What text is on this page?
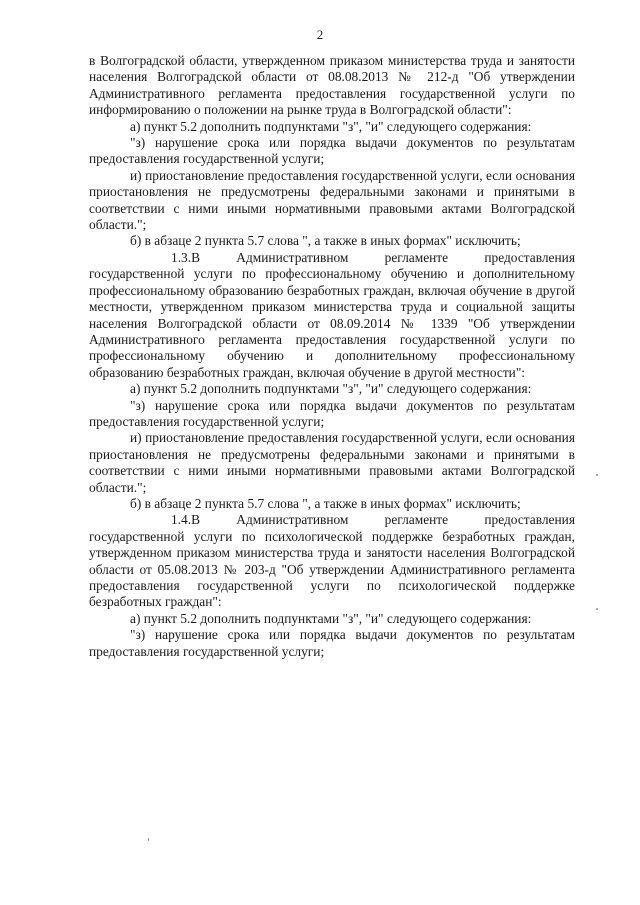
2

в Волгоградской области, утвержденном приказом министерства труда и занятости населения Волгоградской области от 08.08.2013 № 212-д "Об утверждении Административного регламента предоставления государственной услуги по информированию о положении на рынке труда в Волгоградской области":

а) пункт 5.2 дополнить подпунктами "з", "и" следующего содержания:

"з) нарушение срока или порядка выдачи документов по результатам предоставления государственной услуги;

и) приостановление предоставления государственной услуги, если основания приостановления не предусмотрены федеральными законами и принятыми в соответствии с ними иными нормативными правовыми актами Волгоградской области.";

б) в абзаце 2 пункта 5.7 слова ", а также в иных формах" исключить;

1.3.В Административном регламенте предоставления государственной услуги по профессиональному обучению и дополнительному профессиональному образованию безработных граждан, включая обучение в другой местности, утвержденном приказом министерства труда и социальной защиты населения Волгоградской области от 08.09.2014 № 1339 "Об утверждении Административного регламента предоставления государственной услуги по профессиональному обучению и дополнительному профессиональному образованию безработных граждан, включая обучение в другой местности":

а) пункт 5.2 дополнить подпунктами "з", "и" следующего содержания:

"з) нарушение срока или порядка выдачи документов по результатам предоставления государственной услуги;

и) приостановление предоставления государственной услуги, если основания приостановления не предусмотрены федеральными законами и принятыми в соответствии с ними иными нормативными правовыми актами Волгоградской области.";

б) в абзаце 2 пункта 5.7 слова ", а также в иных формах" исключить;

1.4.В Административном регламенте предоставления государственной услуги по психологической поддержке безработных граждан, утвержденном приказом министерства труда и занятости населения Волгоградской области от 05.08.2013 № 203-д "Об утверждении Административного регламента предоставления государственной услуги по психологической поддержке безработных граждан":

а) пункт 5.2 дополнить подпунктами "з", "и" следующего содержания:

"з) нарушение срока или порядка выдачи документов по результатам предоставления государственной услуги;
